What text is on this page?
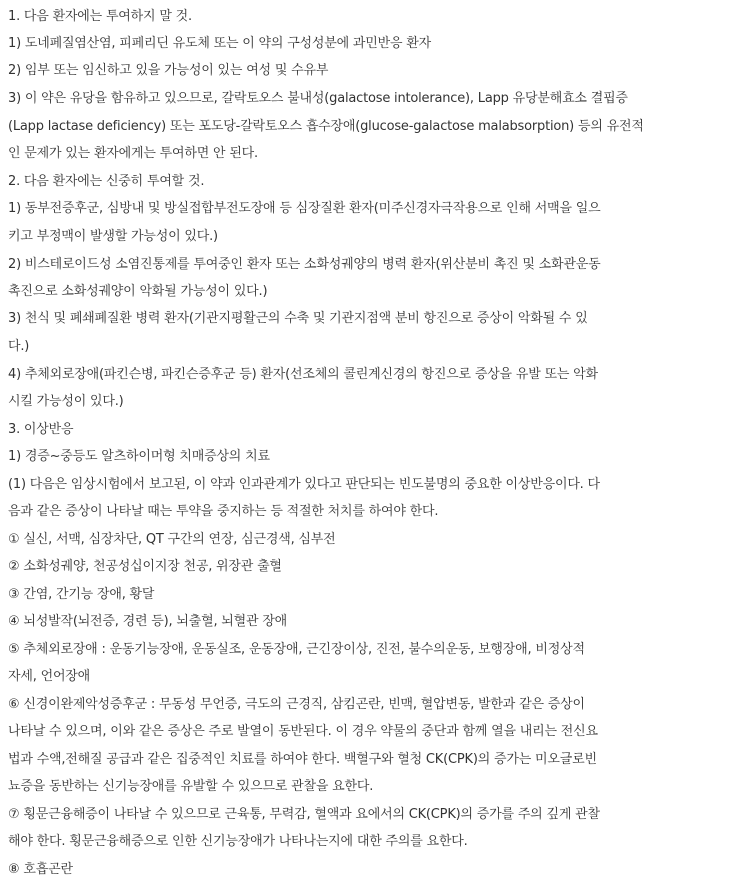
1. 다음 환자에는 투여하지 말 것.
1) 도네페질염산염, 피페리딘 유도체 또는 이 약의 구성성분에 과민반응 환자
2) 임부 또는 임신하고 있을 가능성이 있는 여성 및 수유부
3) 이 약은 유당을 함유하고 있으므로, 갈락토오스 불내성(galactose intolerance), Lapp 유당분해효소 결핍증
(Lapp lactase deficiency) 또는 포도당-갈락토오스 흡수장애(glucose-galactose malabsorption) 등의 유전적
인 문제가 있는 환자에게는 투여하면 안 된다.
2. 다음 환자에는 신중히 투여할 것.
1) 동부전증후군, 심방내 및 방실접합부전도장애 등 심장질환 환자(미주신경자극작용으로 인해 서맥을 일으
키고 부정맥이 발생할 가능성이 있다.)
2) 비스테로이드성 소염진통제를 투여중인 환자 또는 소화성궤양의 병력 환자(위산분비 촉진 및 소화관운동
촉진으로 소화성궤양이 악화될 가능성이 있다.)
3) 천식 및 폐쇄폐질환 병력 환자(기관지평활근의 수축 및 기관지점액 분비 항진으로 증상이 악화될 수 있
다.)
4) 추체외로장애(파킨슨병, 파킨슨증후군 등) 환자(선조체의 콜린계신경의 항진으로 증상을 유발 또는 악화
시킬 가능성이 있다.)
3. 이상반응
1) 경증~중등도 알츠하이머형 치매증상의 치료
(1) 다음은 임상시험에서 보고된, 이 약과 인과관계가 있다고 판단되는 빈도불명의 중요한 이상반응이다. 다
음과 같은 증상이 나타날 때는 투약을 중지하는 등 적절한 처치를 하여야 한다.
① 실신, 서맥, 심장차단, QT 구간의 연장, 심근경색, 심부전
② 소화성궤양, 천공성십이지장 천공, 위장관 출혈
③ 간염, 간기능 장애, 황달
④ 뇌성발작(뇌전증, 경련 등), 뇌출혈, 뇌혈관 장애
⑤ 추체외로장애 : 운동기능장애, 운동실조, 운동장애, 근긴장이상, 진전, 불수의운동, 보행장애, 비정상적
자세, 언어장애
⑥ 신경이완제악성증후군 : 무동성 무언증, 극도의 근경직, 삼킴곤란, 빈맥, 혈압변동, 발한과 같은 증상이
나타날 수 있으며, 이와 같은 증상은 주로 발열이 동반된다. 이 경우 약물의 중단과 함께 열을 내리는 전신요
법과 수액,전해질 공급과 같은 집중적인 치료를 하여야 한다. 백혈구와 혈청 CK(CPK)의 증가는 미오글로빈
뇨증을 동반하는 신기능장애를 유발할 수 있으므로 관찰을 요한다.
⑦ 횡문근융해증이 나타날 수 있으므로 근육통, 무력감, 혈액과 요에서의 CK(CPK)의 증가를 주의 깊게 관찰
해야 한다. 횡문근융해증으로 인한 신기능장애가 나타나는지에 대한 주의를 요한다.
⑧ 호흡곤란
